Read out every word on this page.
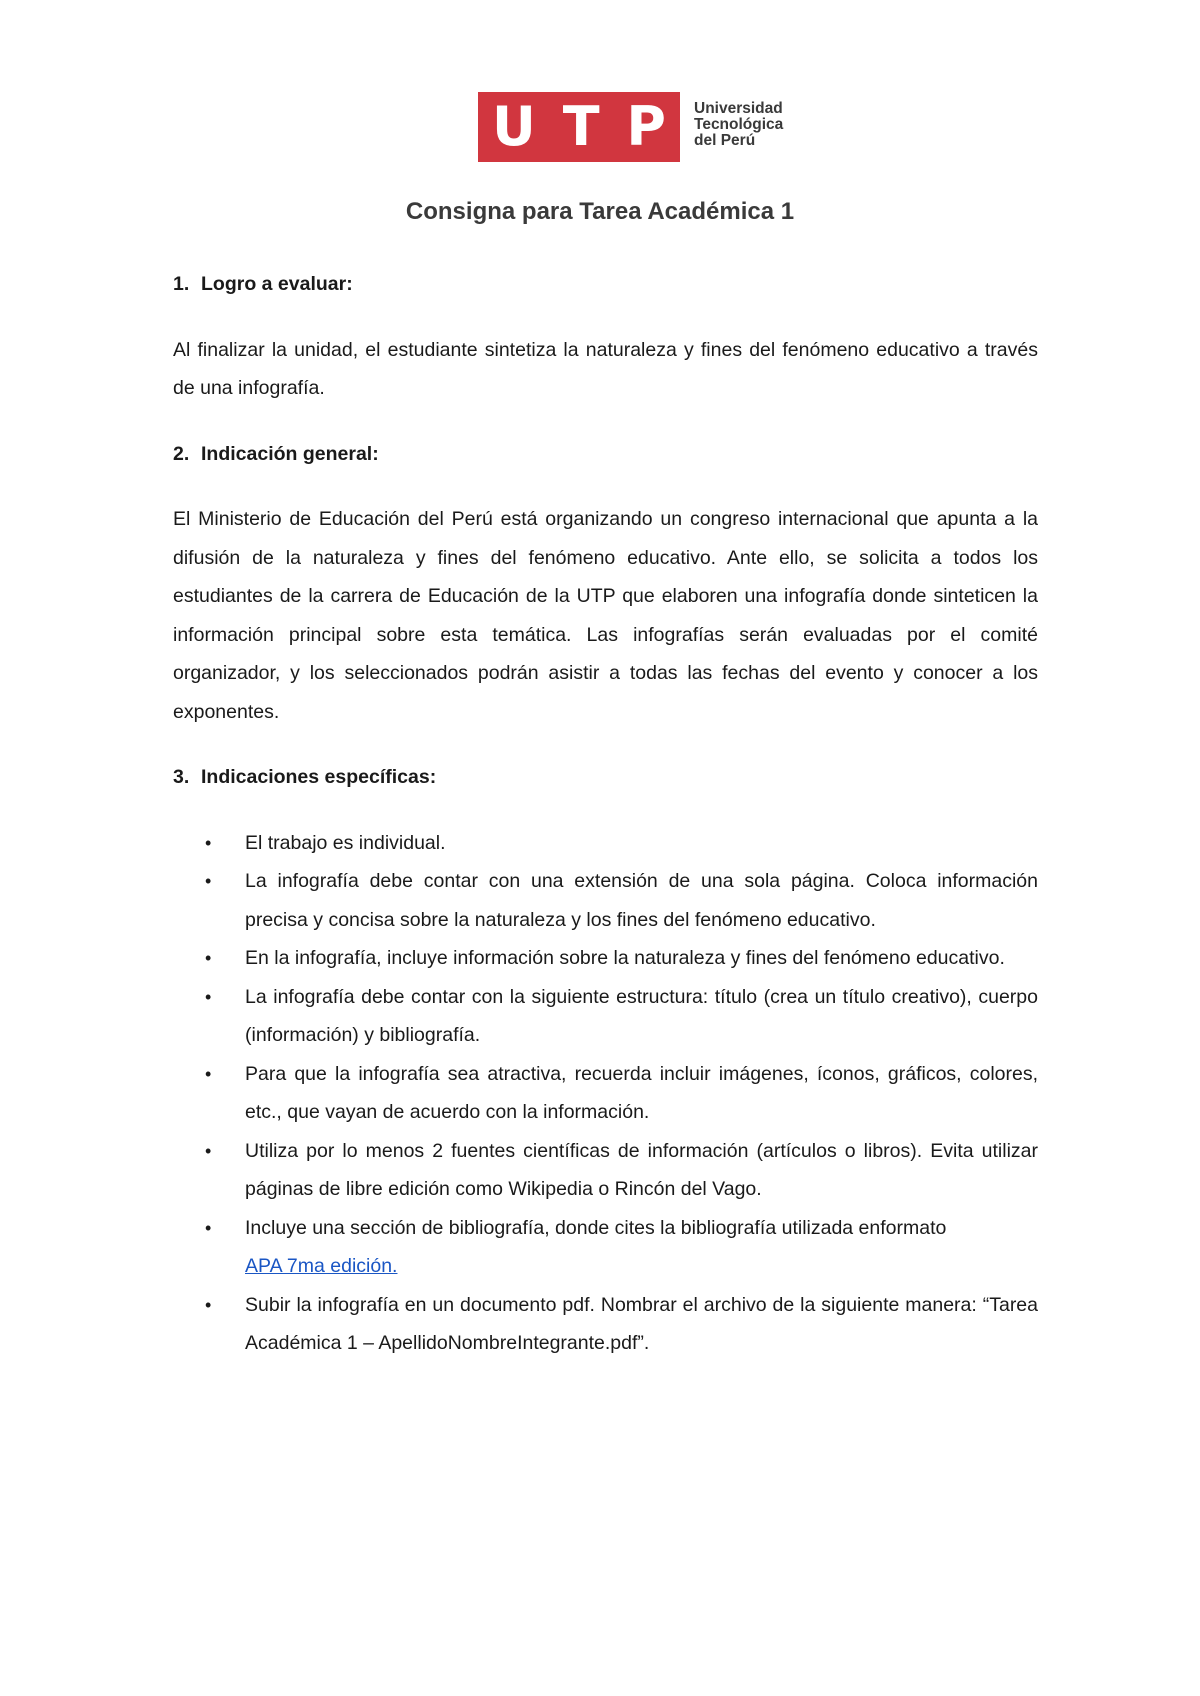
U T P Universidad
Tecnológica
del Perú
Consigna para Tarea Académica 1
1. Logro a evaluar:

Al finalizar la unidad, el estudiante sintetiza la naturaleza y fines del fenómeno educativo a través de una infografía.

2. Indicación general:

El Ministerio de Educación del Perú está organizando un congreso internacional que apunta a la difusión de la naturaleza y fines del fenómeno educativo. Ante ello, se solicita a todos los estudiantes de la carrera de Educación de la UTP que elaboren una infografía donde sinteticen la información principal sobre esta temática. Las infografías serán evaluadas por el comité organizador, y los seleccionados podrán asistir a todas las fechas del evento y conocer a los exponentes.

3. Indicaciones específicas:
• El trabajo es individual.
• La infografía debe contar con una extensión de una sola página. Coloca información precisa y concisa sobre la naturaleza y los fines del fenómeno educativo.
• En la infografía, incluye información sobre la naturaleza y fines del fenómeno educativo.
• La infografía debe contar con la siguiente estructura: título (crea un título creativo), cuerpo (información) y bibliografía.
• Para que la infografía sea atractiva, recuerda incluir imágenes, íconos, gráficos, colores, etc., que vayan de acuerdo con la información.
• Utiliza por lo menos 2 fuentes científicas de información (artículos o libros). Evita utilizar páginas de libre edición como Wikipedia o Rincón del Vago.
• Incluye una sección de bibliografía, donde cites la bibliografía utilizada enformato
APA 7ma edición.
• Subir la infografía en un documento pdf. Nombrar el archivo de la siguiente manera: “Tarea Académica 1 – ApellidoNombreIntegrante.pdf”.
